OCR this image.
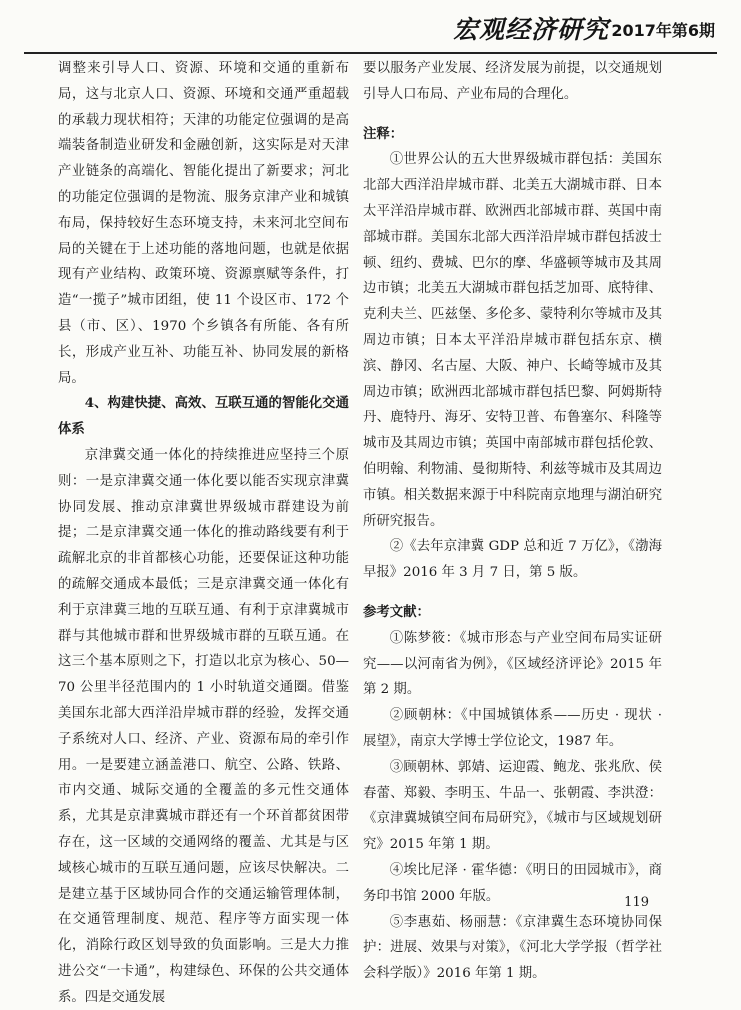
宏观经济研究 2017年第6期

调整来引导人口、资源、环境和交通的重新布局，这与北京人口、资源、环境和交通严重超载的承载力现状相符；天津的功能定位强调的是高端装备制造业研发和金融创新，这实际是对天津产业链条的高端化、智能化提出了新要求；河北的功能定位强调的是物流、服务京津产业和城镇布局，保持较好生态环境支持，未来河北空间布局的关键在于上述功能的落地问题，也就是依据现有产业结构、政策环境、资源禀赋等条件，打造“一揽子”城市团组，使 11 个设区市、172 个县（市、区）、1970 个乡镇各有所能、各有所长，形成产业互补、功能互补、协同发展的新格局。

4、构建快捷、高效、互联互通的智能化交通体系

京津冀交通一体化的持续推进应坚持三个原则：一是京津冀交通一体化要以能否实现京津冀协同发展、推动京津冀世界级城市群建设为前提；二是京津冀交通一体化的推动路线要有利于疏解北京的非首都核心功能，还要保证这种功能的疏解交通成本最低；三是京津冀交通一体化有利于京津冀三地的互联互通、有利于京津冀城市群与其他城市群和世界级城市群的互联互通。在这三个基本原则之下，打造以北京为核心、50—70 公里半径范围内的 1 小时轨道交通圈。借鉴美国东北部大西洋沿岸城市群的经验，发挥交通子系统对人口、经济、产业、资源布局的牵引作用。一是要建立涵盖港口、航空、公路、铁路、市内交通、城际交通的全覆盖的多元性交通体系，尤其是京津冀城市群还有一个环首都贫困带存在，这一区域的交通网络的覆盖、尤其是与区域核心城市的互联互通问题，应该尽快解决。二是建立基于区域协同合作的交通运输管理体制，在交通管理制度、规范、程序等方面实现一体化，消除行政区划导致的负面影响。三是大力推进公交“一卡通”，构建绿色、环保的公共交通体系。四是交通发展

要以服务产业发展、经济发展为前提，以交通规划引导人口布局、产业布局的合理化。

注释：

①世界公认的五大世界级城市群包括：美国东北部大西洋沿岸城市群、北美五大湖城市群、日本太平洋沿岸城市群、欧洲西北部城市群、英国中南部城市群。美国东北部大西洋沿岸城市群包括波士顿、纽约、费城、巴尔的摩、华盛顿等城市及其周边市镇；北美五大湖城市群包括芝加哥、底特律、克利夫兰、匹兹堡、多伦多、蒙特利尔等城市及其周边市镇；日本太平洋沿岸城市群包括东京、横滨、静冈、名古屋、大阪、神户、长崎等城市及其周边市镇；欧洲西北部城市群包括巴黎、阿姆斯特丹、鹿特丹、海牙、安特卫普、布鲁塞尔、科隆等城市及其周边市镇；英国中南部城市群包括伦敦、伯明翰、利物浦、曼彻斯特、利兹等城市及其周边市镇。相关数据来源于中科院南京地理与湖泊研究所研究报告。

②《去年京津冀 GDP 总和近 7 万亿》，《渤海早报》2016 年 3 月 7 日，第 5 版。

参考文献：

①陈梦筱：《城市形态与产业空间布局实证研究——以河南省为例》，《区域经济评论》2015 年第 2 期。

②顾朝林：《中国城镇体系——历史 · 现状 · 展望》，南京大学博士学位论文，1987 年。

③顾朝林、郭婧、运迎霞、鲍龙、张兆欣、侯春蕾、郑毅、李明玉、牛品一、张朝霞、李洪澄：《京津冀城镇空间布局研究》，《城市与区域规划研究》2015 年第 1 期。

④埃比尼泽 · 霍华德：《明日的田园城市》，商务印书馆 2000 年版。

⑤李惠茹、杨丽慧：《京津冀生态环境协同保护：进展、效果与对策》，《河北大学学报（哲学社会科学版）》2016 年第 1 期。

119
